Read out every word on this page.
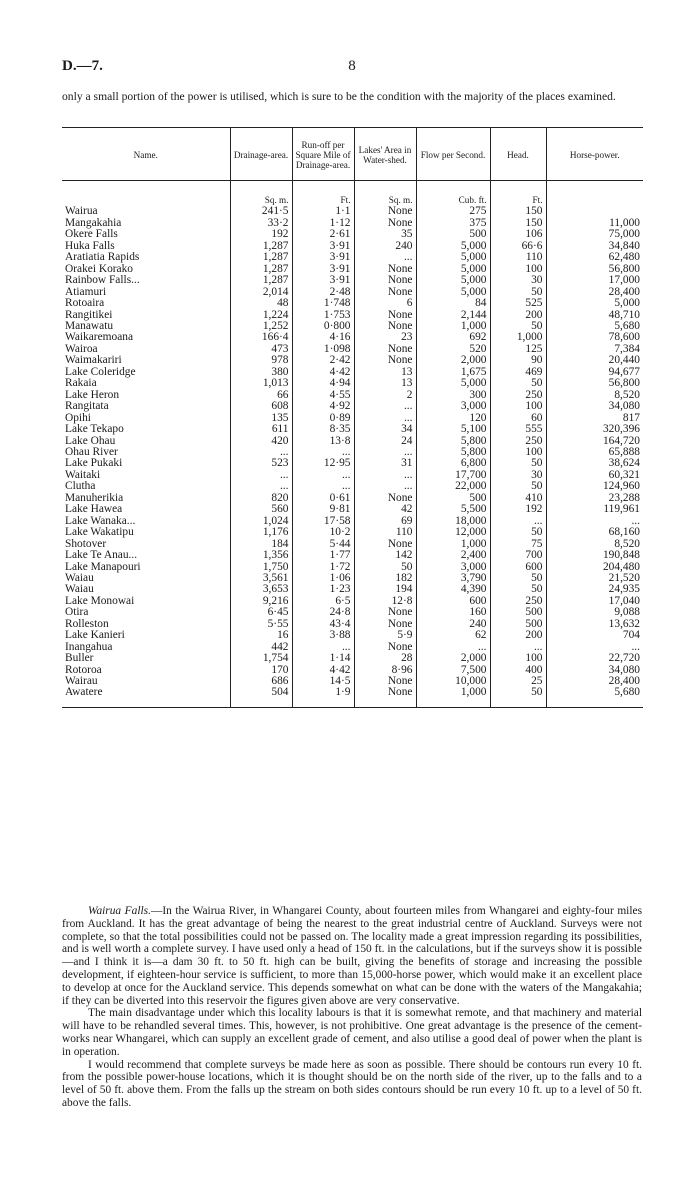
D.—7.	8
only a small portion of the power is utilised, which is sure to be the condition with the majority of the places examined.
Name.	Drainage-area.	Run-off per Square Mile of Drainage-area.	Lakes' Area in Water-shed.	Flow per Second.	Head.	Horse-power.
	Sq. m.	Ft.	Sq. m.	Cub. ft.	Ft.	
Wairua	241·5	1·1	None	275	150	
Mangakahia	33·2	1·12	None	375	150	11,000
Okere Falls	192	2·61	35	500	106	75,000
Huka Falls	1,287	3·91	240	5,000	66·6	34,840
Aratiatia Rapids	1,287	3·91	...	5,000	110	62,480
Orakei Korako	1,287	3·91	None	5,000	100	56,800
Rainbow Falls...	1,287	3·91	None	5,000	30	17,000
Atiamuri	2,014	2·48	None	5,000	50	28,400
Rotoaira	48	1·748	6	84	525	5,000
Rangitikei	1,224	1·753	None	2,144	200	48,710
Manawatu	1,252	0·800	None	1,000	50	5,680
Waikaremoana	166·4	4·16	23	692	1,000	78,600
Wairoa	473	1·098	None	520	125	7,384
Waimakariri	978	2·42	None	2,000	90	20,440
Lake Coleridge	380	4·42	13	1,675	469	94,677
Rakaia	1,013	4·94	13	5,000	50	56,800
Lake Heron	66	4·55	2	300	250	8,520
Rangitata	608	4·92	...	3,000	100	34,080
Opihi	135	0·89	...	120	60	817
Lake Tekapo	611	8·35	34	5,100	555	320,396
Lake Ohau	420	13·8	24	5,800	250	164,720
Ohau River	...	...	...	5,800	100	65,888
Lake Pukaki	523	12·95	31	6,800	50	38,624
Waitaki	...	...	...	17,700	30	60,321
Clutha	...	...	...	22,000	50	124,960
Manuherikia	820	0·61	None	500	410	23,288
Lake Hawea	560	9·81	42	5,500	192	119,961
Lake Wanaka...	1,024	17·58	69	18,000	...	...
Lake Wakatipu	1,176	10·2	110	12,000	50	68,160
Shotover	184	5·44	None	1,000	75	8,520
Lake Te Anau...	1,356	1·77	142	2,400	700	190,848
Lake Manapouri	1,750	1·72	50	3,000	600	204,480
Waiau	3,561	1·06	182	3,790	50	21,520
Waiau	3,653	1·23	194	4,390	50	24,935
Lake Monowai	9,216	6·5	12·8	600	250	17,040
Otira	6·45	24·8	None	160	500	9,088
Rolleston	5·55	43·4	None	240	500	13,632
Lake Kanieri	16	3·88	5·9	62	200	704
Inangahua	442	...	None	...	...	...
Buller	1,754	1·14	28	2,000	100	22,720
Rotoroa	170	4·42	8·96	7,500	400	34,080
Wairau	686	14·5	None	10,000	25	28,400
Awatere	504	1·9	None	1,000	50	5,680

Wairua Falls.—In the Wairua River, in Whangarei County, about fourteen miles from Whangarei and eighty-four miles from Auckland. It has the great advantage of being the nearest to the great industrial centre of Auckland. Surveys were not complete, so that the total possibilities could not be passed on. The locality made a great impression regarding its possibilities, and is well worth a complete survey. I have used only a head of 150 ft. in the calculations, but if the surveys show it is possible—and I think it is—a dam 30 ft. to 50 ft. high can be built, giving the benefits of storage and increasing the possible development, if eighteen-hour service is sufficient, to more than 15,000-horse power, which would make it an excellent place to develop at once for the Auckland service. This depends somewhat on what can be done with the waters of the Mangakahia; if they can be diverted into this reservoir the figures given above are very conservative.

The main disadvantage under which this locality labours is that it is somewhat remote, and that machinery and material will have to be rehandled several times. This, however, is not prohibitive. One great advantage is the presence of the cement-works near Whangarei, which can supply an excellent grade of cement, and also utilise a good deal of power when the plant is in operation.

I would recommend that complete surveys be made here as soon as possible. There should be contours run every 10 ft. from the possible power-house locations, which it is thought should be on the north side of the river, up to the falls and to a level of 50 ft. above them. From the falls up the stream on both sides contours should be run every 10 ft. up to a level of 50 ft. above the falls.
